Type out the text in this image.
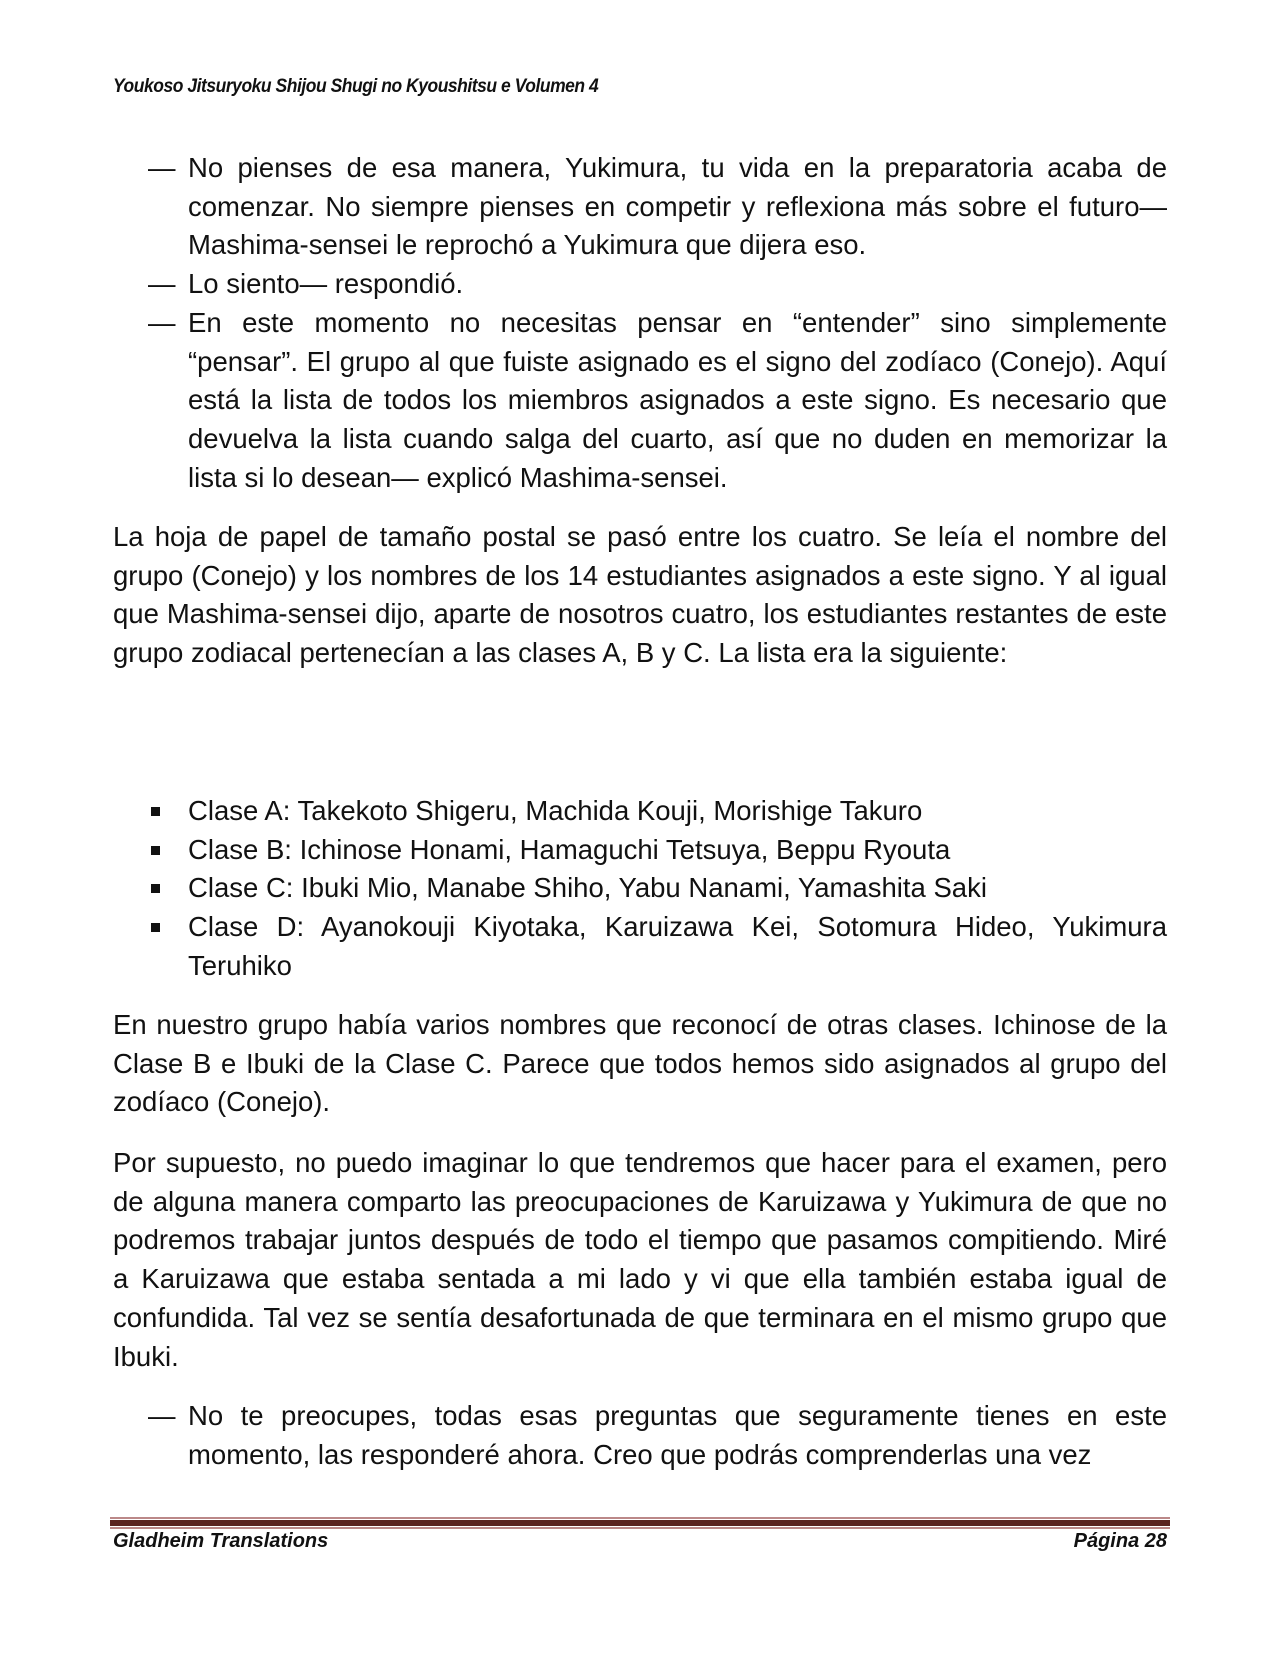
Youkoso Jitsuryoku Shijou Shugi no Kyoushitsu e Volumen 4

— No pienses de esa manera, Yukimura, tu vida en la preparatoria acaba de comenzar. No siempre pienses en competir y reflexiona más sobre el futuro— Mashima-sensei le reprochó a Yukimura que dijera eso.

— Lo siento— respondió.

— En este momento no necesitas pensar en “entender” sino simplemente “pensar”. El grupo al que fuiste asignado es el signo del zodíaco (Conejo). Aquí está la lista de todos los miembros asignados a este signo. Es necesario que devuelva la lista cuando salga del cuarto, así que no duden en memorizar la lista si lo desean— explicó Mashima-sensei.

La hoja de papel de tamaño postal se pasó entre los cuatro. Se leía el nombre del grupo (Conejo) y los nombres de los 14 estudiantes asignados a este signo. Y al igual que Mashima-sensei dijo, aparte de nosotros cuatro, los estudiantes restantes de este grupo zodiacal pertenecían a las clases A, B y C. La lista era la siguiente:

Clase A: Takekoto Shigeru, Machida Kouji, Morishige Takuro
Clase B: Ichinose Honami, Hamaguchi Tetsuya, Beppu Ryouta
Clase C: Ibuki Mio, Manabe Shiho, Yabu Nanami, Yamashita Saki
Clase D: Ayanokouji Kiyotaka, Karuizawa Kei, Sotomura Hideo, Yukimura Teruhiko

En nuestro grupo había varios nombres que reconocí de otras clases. Ichinose de la Clase B e Ibuki de la Clase C. Parece que todos hemos sido asignados al grupo del zodíaco (Conejo).

Por supuesto, no puedo imaginar lo que tendremos que hacer para el examen, pero de alguna manera comparto las preocupaciones de Karuizawa y Yukimura de que no podremos trabajar juntos después de todo el tiempo que pasamos compitiendo. Miré a Karuizawa que estaba sentada a mi lado y vi que ella también estaba igual de confundida. Tal vez se sentía desafortunada de que terminara en el mismo grupo que Ibuki.

— No te preocupes, todas esas preguntas que seguramente tienes en este momento, las responderé ahora. Creo que podrás comprenderlas una vez

Gladheim Translations	Página 28
